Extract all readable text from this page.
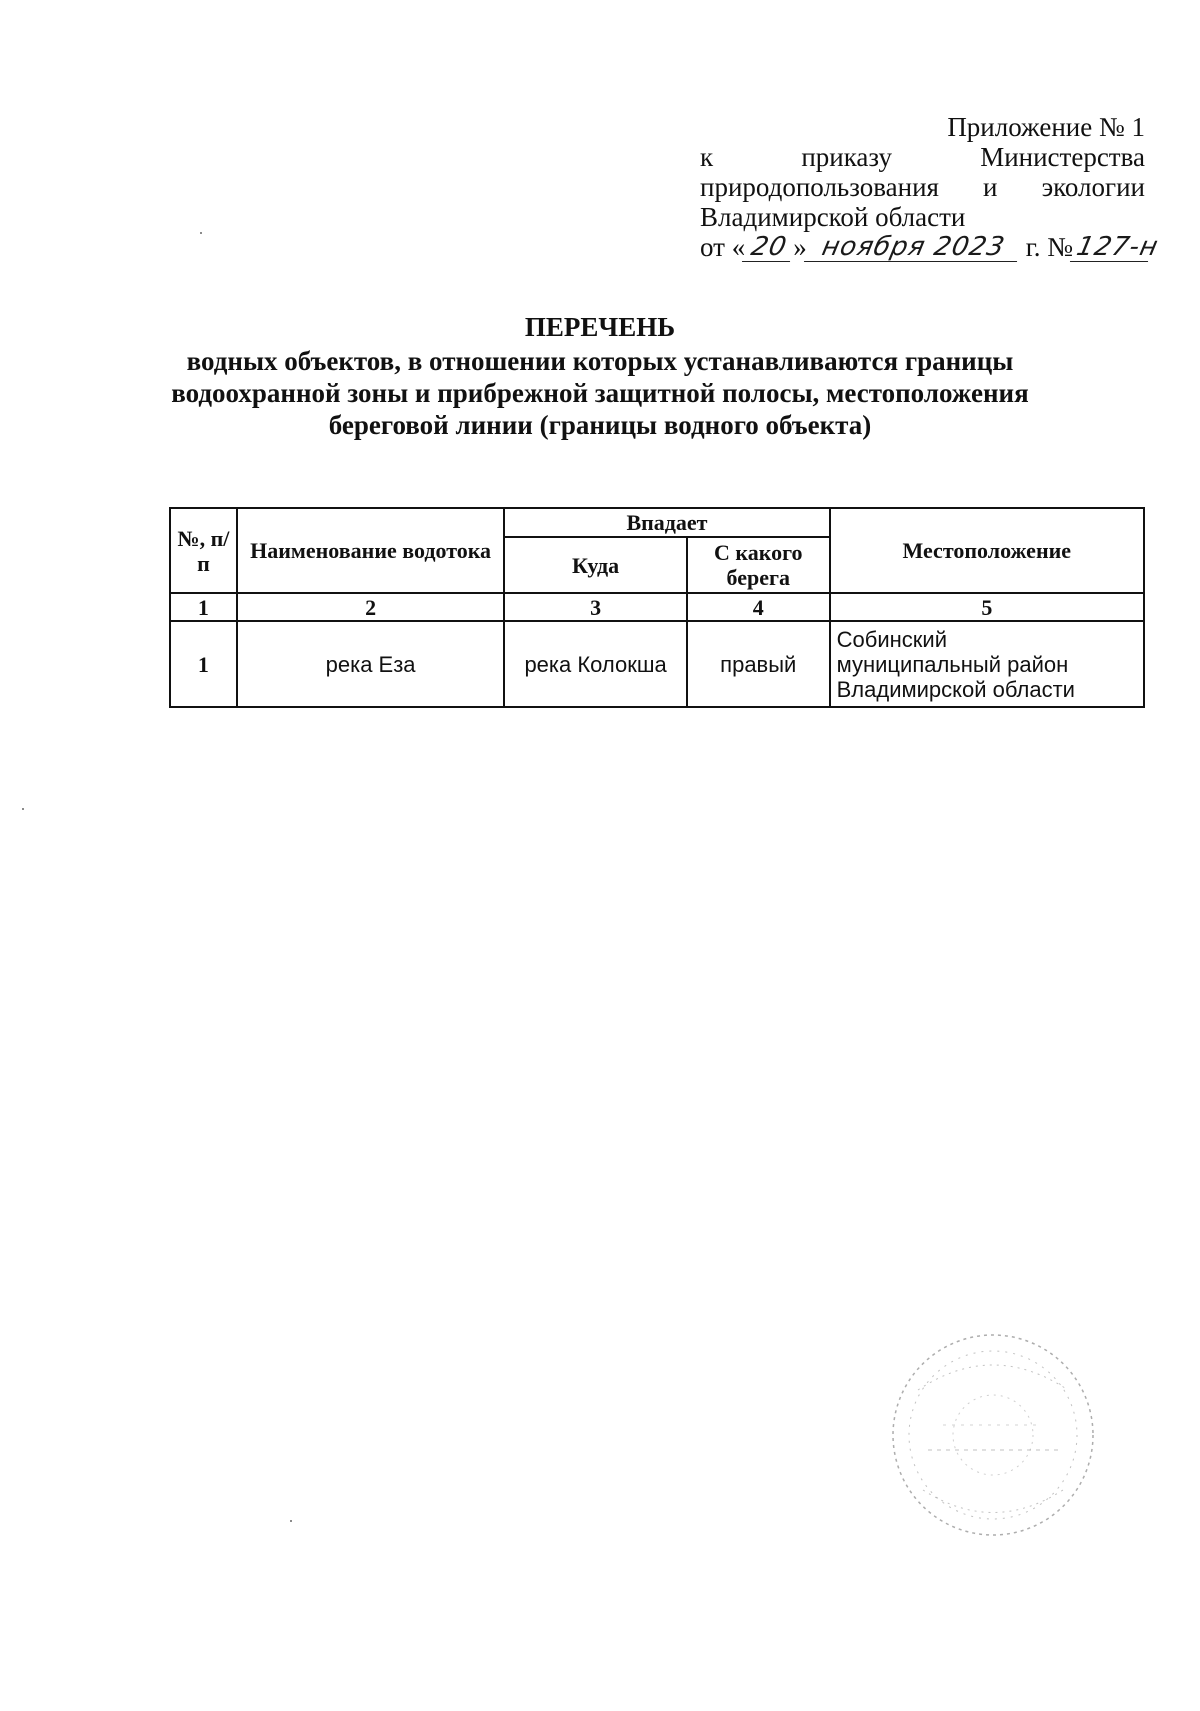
Приложение № 1
к	приказу	Министерства
природопользования и экологии
Владимирской области
от « 20 » ноября 2023 г. № 127-н
ПЕРЕЧЕНЬ
водных объектов, в отношении которых устанавливаются границы
водоохранной зоны и прибрежной защитной полосы, местоположения
береговой линии (границы водного объекта)
№, п/п	Наименование водотока	Впадает		Местоположение
		Куда	С какого берега	
1	2	3	4	5
1	река Еза	река Колокша	правый	Собинский
муниципальный район
Владимирской области
